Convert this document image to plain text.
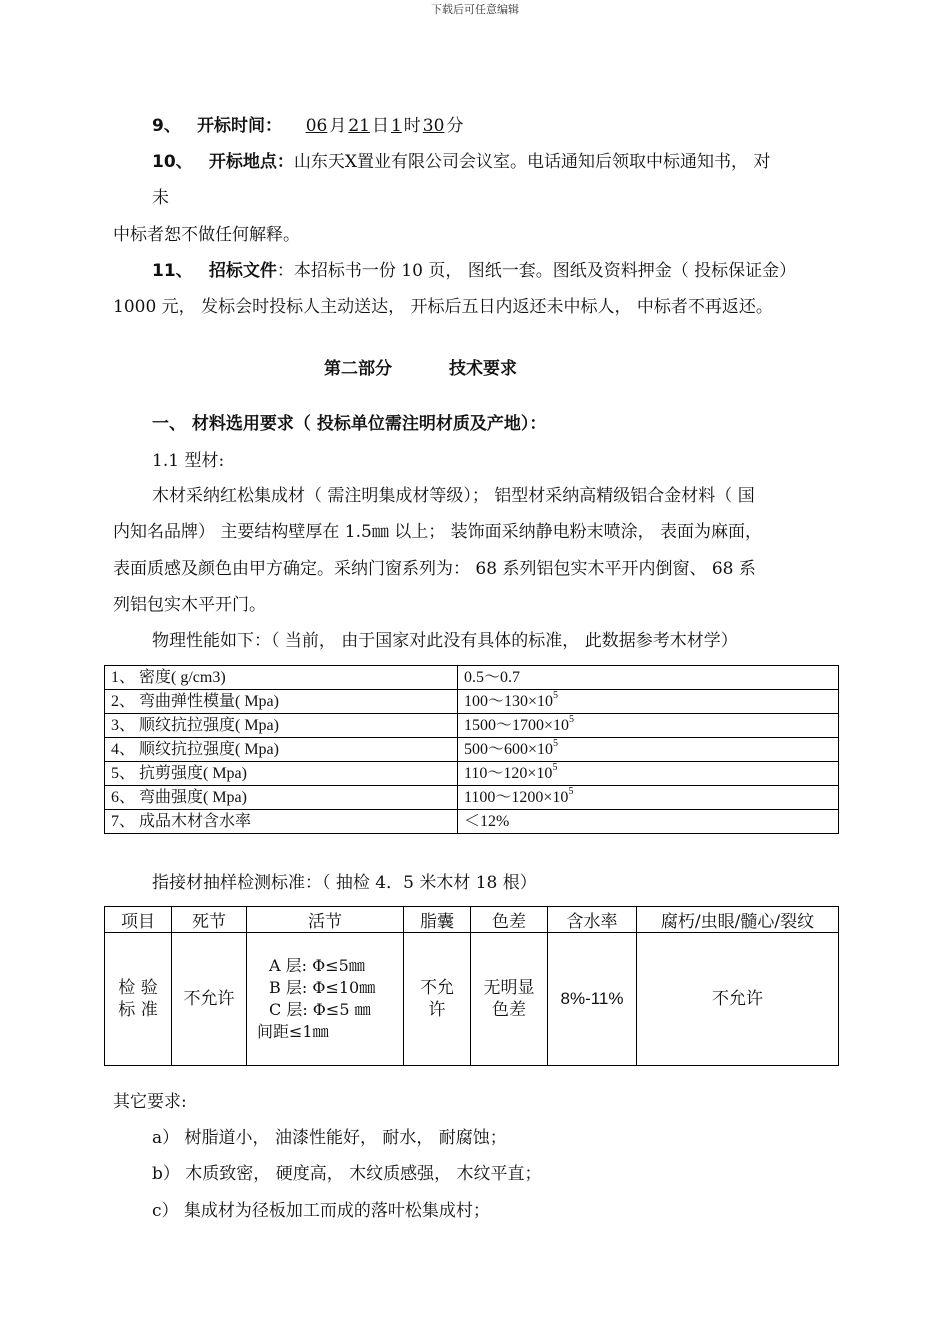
下载后可任意编辑
9、 开标时间： 06 月 21 日 1 时 30 分
10、 开标地点：山东天Ⅹ置业有限公司会议室。电话通知后领取中标通知书， 对
未
中标者恕不做任何解释。
11、 招标文件：本招标书一份 10 页， 图纸一套。图纸及资料押金（ 投标保证金）
1000 元， 发标会时投标人主动送达， 开标后五日内返还未中标人， 中标者不再返还。
第二部分	技术要求
一、 材料选用要求（ 投标单位需注明材质及产地）：
1.1 型材:
木材采纳红松集成材（ 需注明集成材等级）； 铝型材采纳高精级铝合金材料（ 国
内知名品牌） 主要结构壁厚在 1.5㎜ 以上； 装饰面采纳静电粉末喷涂， 表面为麻面，
表面质感及颜色由甲方确定。采纳门窗系列为： 68 系列铝包实木平开内倒窗、 68 系
列铝包实木平开门。
物理性能如下：（ 当前， 由于国家对此没有具体的标准， 此数据参考木材学）
1、 密度( g/cm3)	0.5～0.7
2、 弯曲弹性模量( Mpa)	$100\sim 130\times 10^5$
3、 顺纹抗拉强度( Mpa)	$1500\sim 1700\times 10^5$
4、 顺纹抗拉强度( Mpa)	$500\sim 600\times 10^5$
5、 抗剪强度( Mpa)	$110\sim 120\times 10^5$
6、 弯曲强度( Mpa)	$1100\sim 1200\times 10^5$
7、 成品木材含水率	＜12%
指接材抽样检测标准：（ 抽检 4．5 米木材 18 根）
项目	死节	活节	脂囊	色差	含水率	腐朽/虫眼/髓心/裂纹

检 验 标 准	不允许	A 层: Φ≤5㎜
B 层: Φ≤10㎜
C 层: Φ≤5 ㎜
间距≤1㎜	不允 许	无明显 色差	8%-11%	不允许
其它要求:
a） 树脂道小， 油漆性能好， 耐水， 耐腐蚀；
b） 木质致密， 硬度高， 木纹质感强， 木纹平直；
c） 集成材为径板加工而成的落叶松集成村；
